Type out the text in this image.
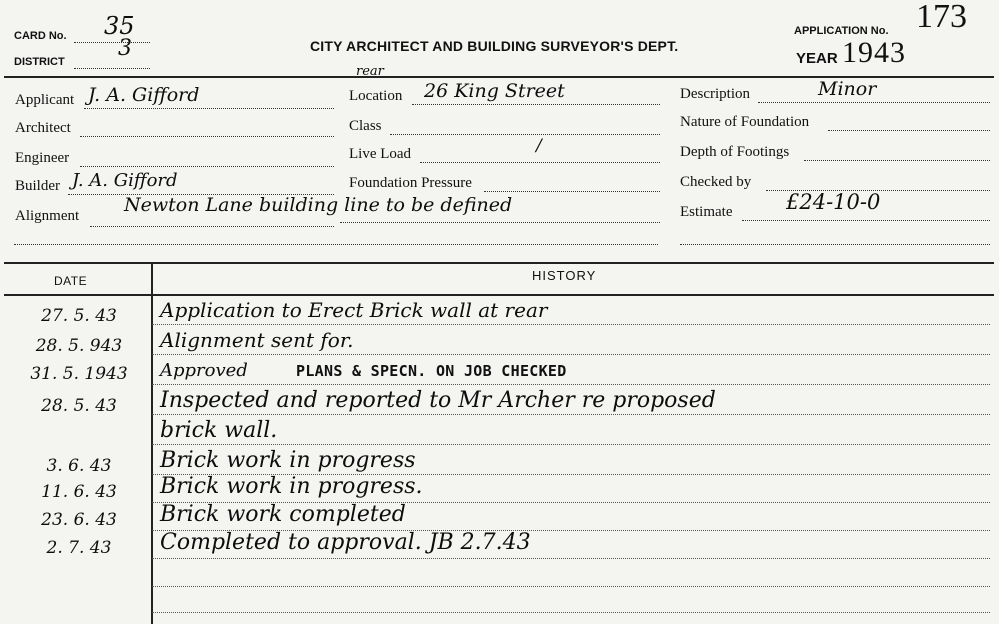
CARD No. 35
DISTRICT
3	CITY ARCHITECT AND BUILDING SURVEYOR'S DEPT.
APPLICATION No. 173
YEAR 1943
Applicant J. A. Gifford
Architect
Engineer
Builder J. A. Gifford
Alignment Newton Lane building line to be defined
rear
Location 26 King Street
Class
Live Load	/
Foundation Pressure
Description	Minor
Nature of Foundation
Depth of Footings
Checked by
Estimate	£24-10-0
DATE	HISTORY
27. 5. 43	Application to Erect Brick wall at rear
28. 5. 943	Alignment sent for.
31. 5. 1943	Approved	PLANS & SPECN. ON JOB CHECKED
28. 5. 43	Inspected and reported to Mr Archer re proposed
brick wall.
3. 6. 43	Brick work in progress
11. 6. 43	Brick work in progress.
23. 6. 43	Brick work completed
2. 7. 43	Completed to approval. JB 2.7.43
